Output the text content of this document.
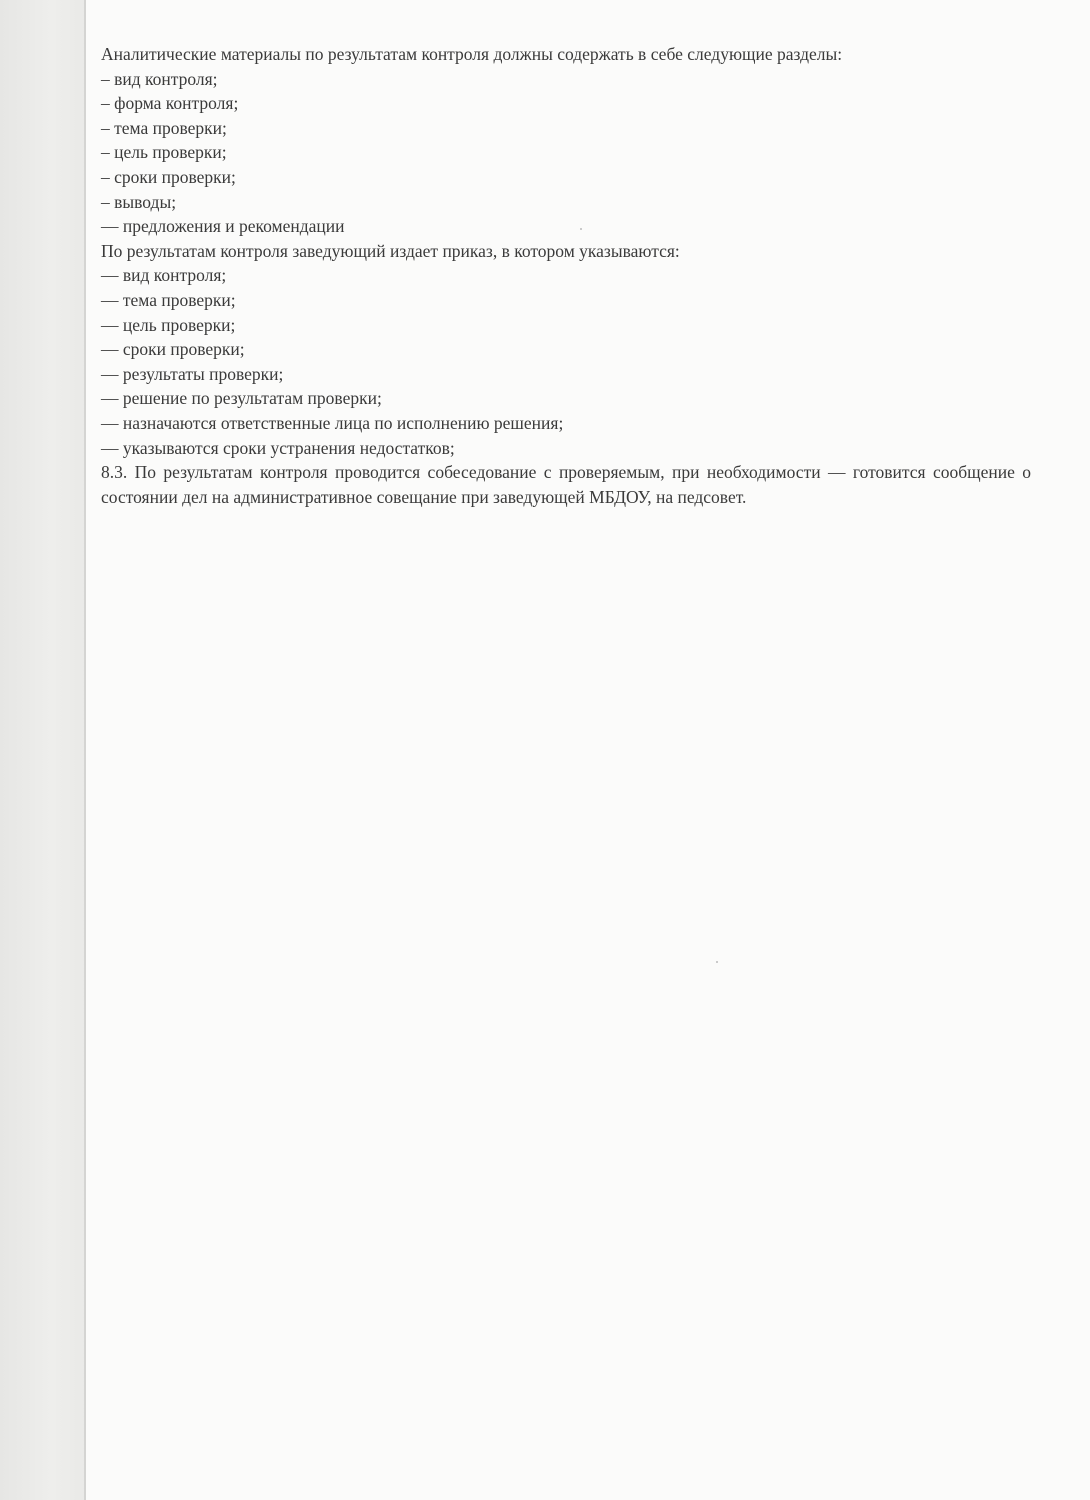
Аналитические материалы по результатам контроля должны содержать в себе следующие разделы:
– вид контроля;
– форма контроля;
– тема проверки;
– цель проверки;
– сроки проверки;
– выводы;
— предложения и рекомендации
По результатам контроля заведующий издает приказ, в котором указываются:
— вид контроля;
— тема проверки;
— цель проверки;
— сроки проверки;
— результаты проверки;
— решение по результатам проверки;
— назначаются ответственные лица по исполнению решения;
— указываются сроки устранения недостатков;

8.3. По результатам контроля проводится собеседование с проверяемым, при необходимости — готовится сообщение о состоянии дел на административное совещание при заведующей МБДОУ, на педсовет.
